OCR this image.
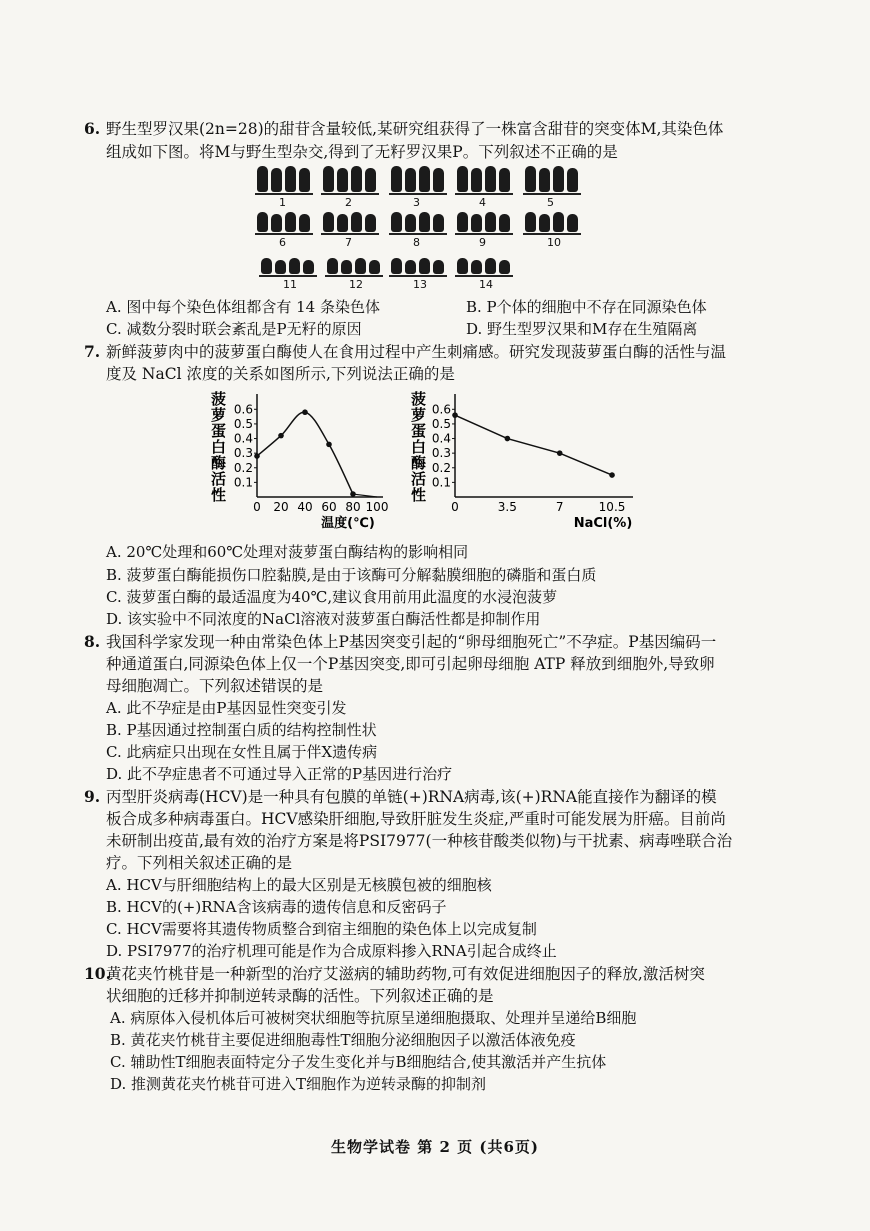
6. 野生型罗汉果(2n=28)的甜苷含量较低,某研究组获得了一株富含甜苷的突变体M,其染色体
组成如下图。将M与野生型杂交,得到了无籽罗汉果P。下列叙述不正确的是
1	2	3	4	5
6	7	8	9	10
11	12	13	14
A. 图中每个染色体组都含有 14 条染色体	B. P个体的细胞中不存在同源染色体
C. 减数分裂时联会紊乱是P无籽的原因	D. 野生型罗汉果和M存在生殖隔离
7. 新鲜菠萝肉中的菠萝蛋白酶使人在食用过程中产生刺痛感。研究发现菠萝蛋白酶的活性与温
度及 NaCl 浓度的关系如图所示,下列说法正确的是
菠
萝
蛋
白
酶
活
性
0.1
0.2
0.3
0.4
0.5
0.6
0 20 40 60 80 100
温度(℃)
菠
萝
蛋
白
酶
活
性
0.1
0.2
0.3
0.4
0.5
0.6
0	3.5	7	10.5
NaCl(%)
A. 20℃处理和60℃处理对菠萝蛋白酶结构的影响相同
B. 菠萝蛋白酶能损伤口腔黏膜,是由于该酶可分解黏膜细胞的磷脂和蛋白质
C. 菠萝蛋白酶的最适温度为40℃,建议食用前用此温度的水浸泡菠萝
D. 该实验中不同浓度的NaCl溶液对菠萝蛋白酶活性都是抑制作用
8. 我国科学家发现一种由常染色体上P基因突变引起的“卵母细胞死亡”不孕症。P基因编码一
种通道蛋白,同源染色体上仅一个P基因突变,即可引起卵母细胞 ATP 释放到细胞外,导致卵
母细胞凋亡。下列叙述错误的是
A. 此不孕症是由P基因显性突变引发
B. P基因通过控制蛋白质的结构控制性状
C. 此病症只出现在女性且属于伴X遗传病
D. 此不孕症患者不可通过导入正常的P基因进行治疗
9. 丙型肝炎病毒(HCV)是一种具有包膜的单链(+)RNA病毒,该(+)RNA能直接作为翻译的模
板合成多种病毒蛋白。HCV感染肝细胞,导致肝脏发生炎症,严重时可能发展为肝癌。目前尚
未研制出疫苗,最有效的治疗方案是将PSI7977(一种核苷酸类似物)与干扰素、病毒唑联合治
疗。下列相关叙述正确的是
A. HCV与肝细胞结构上的最大区别是无核膜包被的细胞核
B. HCV的(+)RNA含该病毒的遗传信息和反密码子
C. HCV需要将其遗传物质整合到宿主细胞的染色体上以完成复制
D. PSI7977的治疗机理可能是作为合成原料掺入RNA引起合成终止
10.
黄花夹竹桃苷是一种新型的治疗艾滋病的辅助药物,可有效促进细胞因子的释放,激活树突
状细胞的迁移并抑制逆转录酶的活性。下列叙述正确的是
A. 病原体入侵机体后可被树突状细胞等抗原呈递细胞摄取、处理并呈递给B细胞
B. 黄花夹竹桃苷主要促进细胞毒性T细胞分泌细胞因子以激活体液免疫
C. 辅助性T细胞表面特定分子发生变化并与B细胞结合,使其激活并产生抗体
D. 推测黄花夹竹桃苷可进入T细胞作为逆转录酶的抑制剂
生物学试卷 第 2 页 (共6页)
